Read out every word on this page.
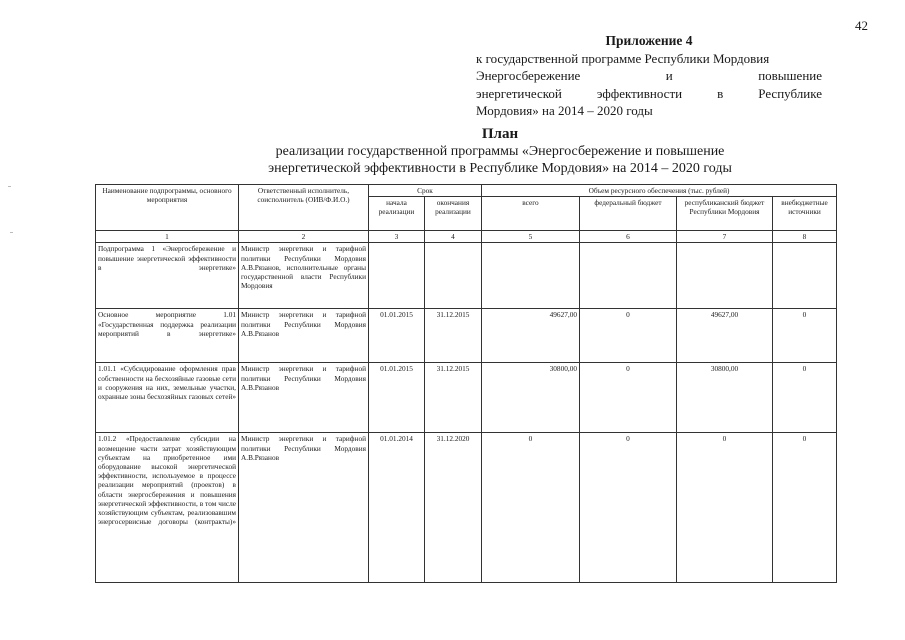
42
Приложение 4
к государственной программе Республики Мордовия
Энергосбережение	и	повышение
энергетической	эффективности	в	Республике
Мордовия» на 2014 – 2020 годы
План
реализации государственной программы «Энергосбережение и повышение
энергетической эффективности в Республике Мордовия» на 2014 – 2020 годы
Наименование подпрограммы, основного мероприятия	Ответственный исполнитель, соисполнитель (ОИВ/Ф.И.О.)	Срок		Объем ресурсного обеспечения (тыс. рублей)			
		начала реализации	окончания реализации	всего	федеральный бюджет	республиканский бюджет Республики Мордовия	внебюджетные источники
1	2	3	4	5	6	7	8
Подпрограмма 1 «Энергосбережение и повышение энергетической эффективности в энергетике»	Министр энергетики и тарифной политики Республики Мордовия А.В.Рязанов, исполнительные органы государственной власти Республики Мордовия						
Основное мероприятие 1.01 «Государственная поддержка реализации мероприятий в энергетике»	Министр энергетики и тарифной политики Республики Мордовия А.В.Рязанов	01.01.2015	31.12.2015	49627,00	0	49627,00	0
1.01.1 «Субсидирование оформления прав собственности на бесхозяйные газовые сети и сооружения на них, земельные участки, охранные зоны бесхозяйных газовых сетей»	Министр энергетики и тарифной политики Республики Мордовия А.В.Рязанов	01.01.2015	31.12.2015	30800,00	0	30800,00	0
1.01.2 «Предоставление субсидии на возмещение части затрат хозяйствующим субъектам на приобретенное ими оборудование высокой энергетической эффективности, используемое в процессе реализации мероприятий (проектов) в области энергосбережения и повышения энергетической эффективности, в том числе хозяйствующим субъектам, реализовавшим энергосервисные договоры (контракты)»	Министр энергетики и тарифной политики Республики Мордовия А.В.Рязанов	01.01.2014	31.12.2020	0	0	0	0
